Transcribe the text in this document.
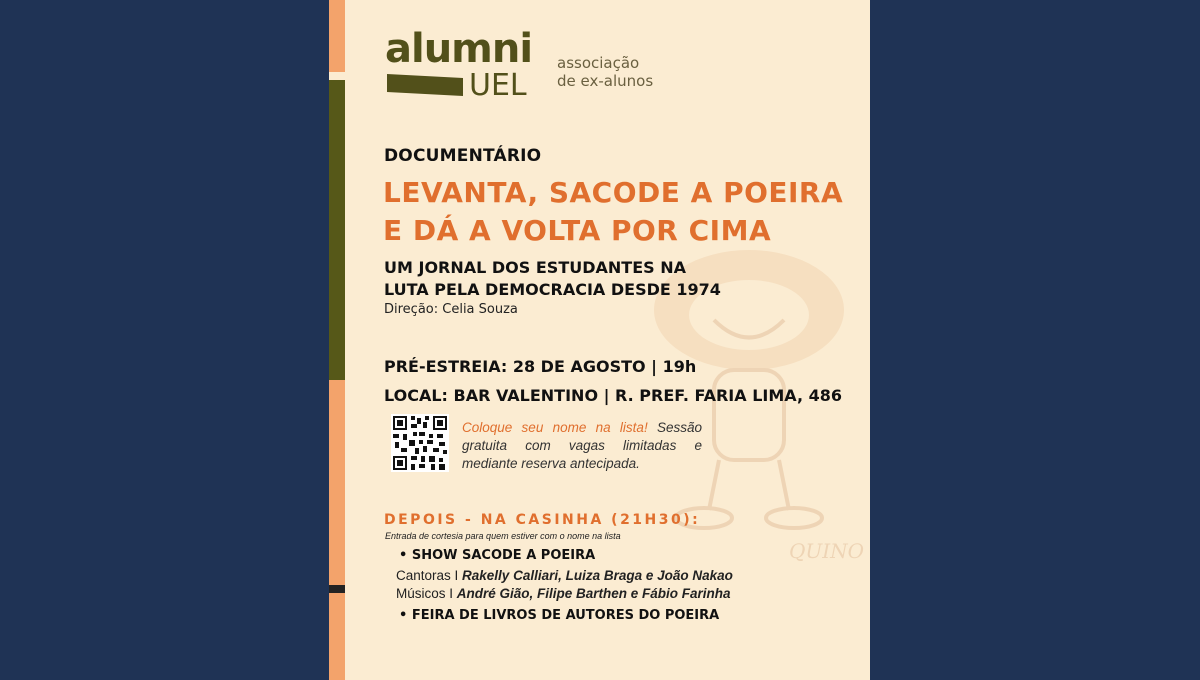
QUINO
alumni
UEL
associação
de ex-alunos
DOCUMENTÁRIO
LEVANTA, SACODE A POEIRA
E DÁ A VOLTA POR CIMA
UM JORNAL DOS ESTUDANTES NA
LUTA PELA DEMOCRACIA DESDE 1974
Direção: Celia Souza
PRÉ-ESTREIA: 28 DE AGOSTO | 19h
LOCAL: BAR VALENTINO | R. PREF. FARIA LIMA, 486
Coloque seu nome na lista! Sessão gratuita com vagas limitadas e mediante reserva antecipada.
DEPOIS - NA CASINHA (21H30):
Entrada de cortesia para quem estiver com o nome na lista
• SHOW SACODE A POEIRA
Cantoras I Rakelly Calliari, Luiza Braga e João Nakao
Músicos I André Gião, Filipe Barthen e Fábio Farinha
• FEIRA DE LIVROS DE AUTORES DO POEIRA
